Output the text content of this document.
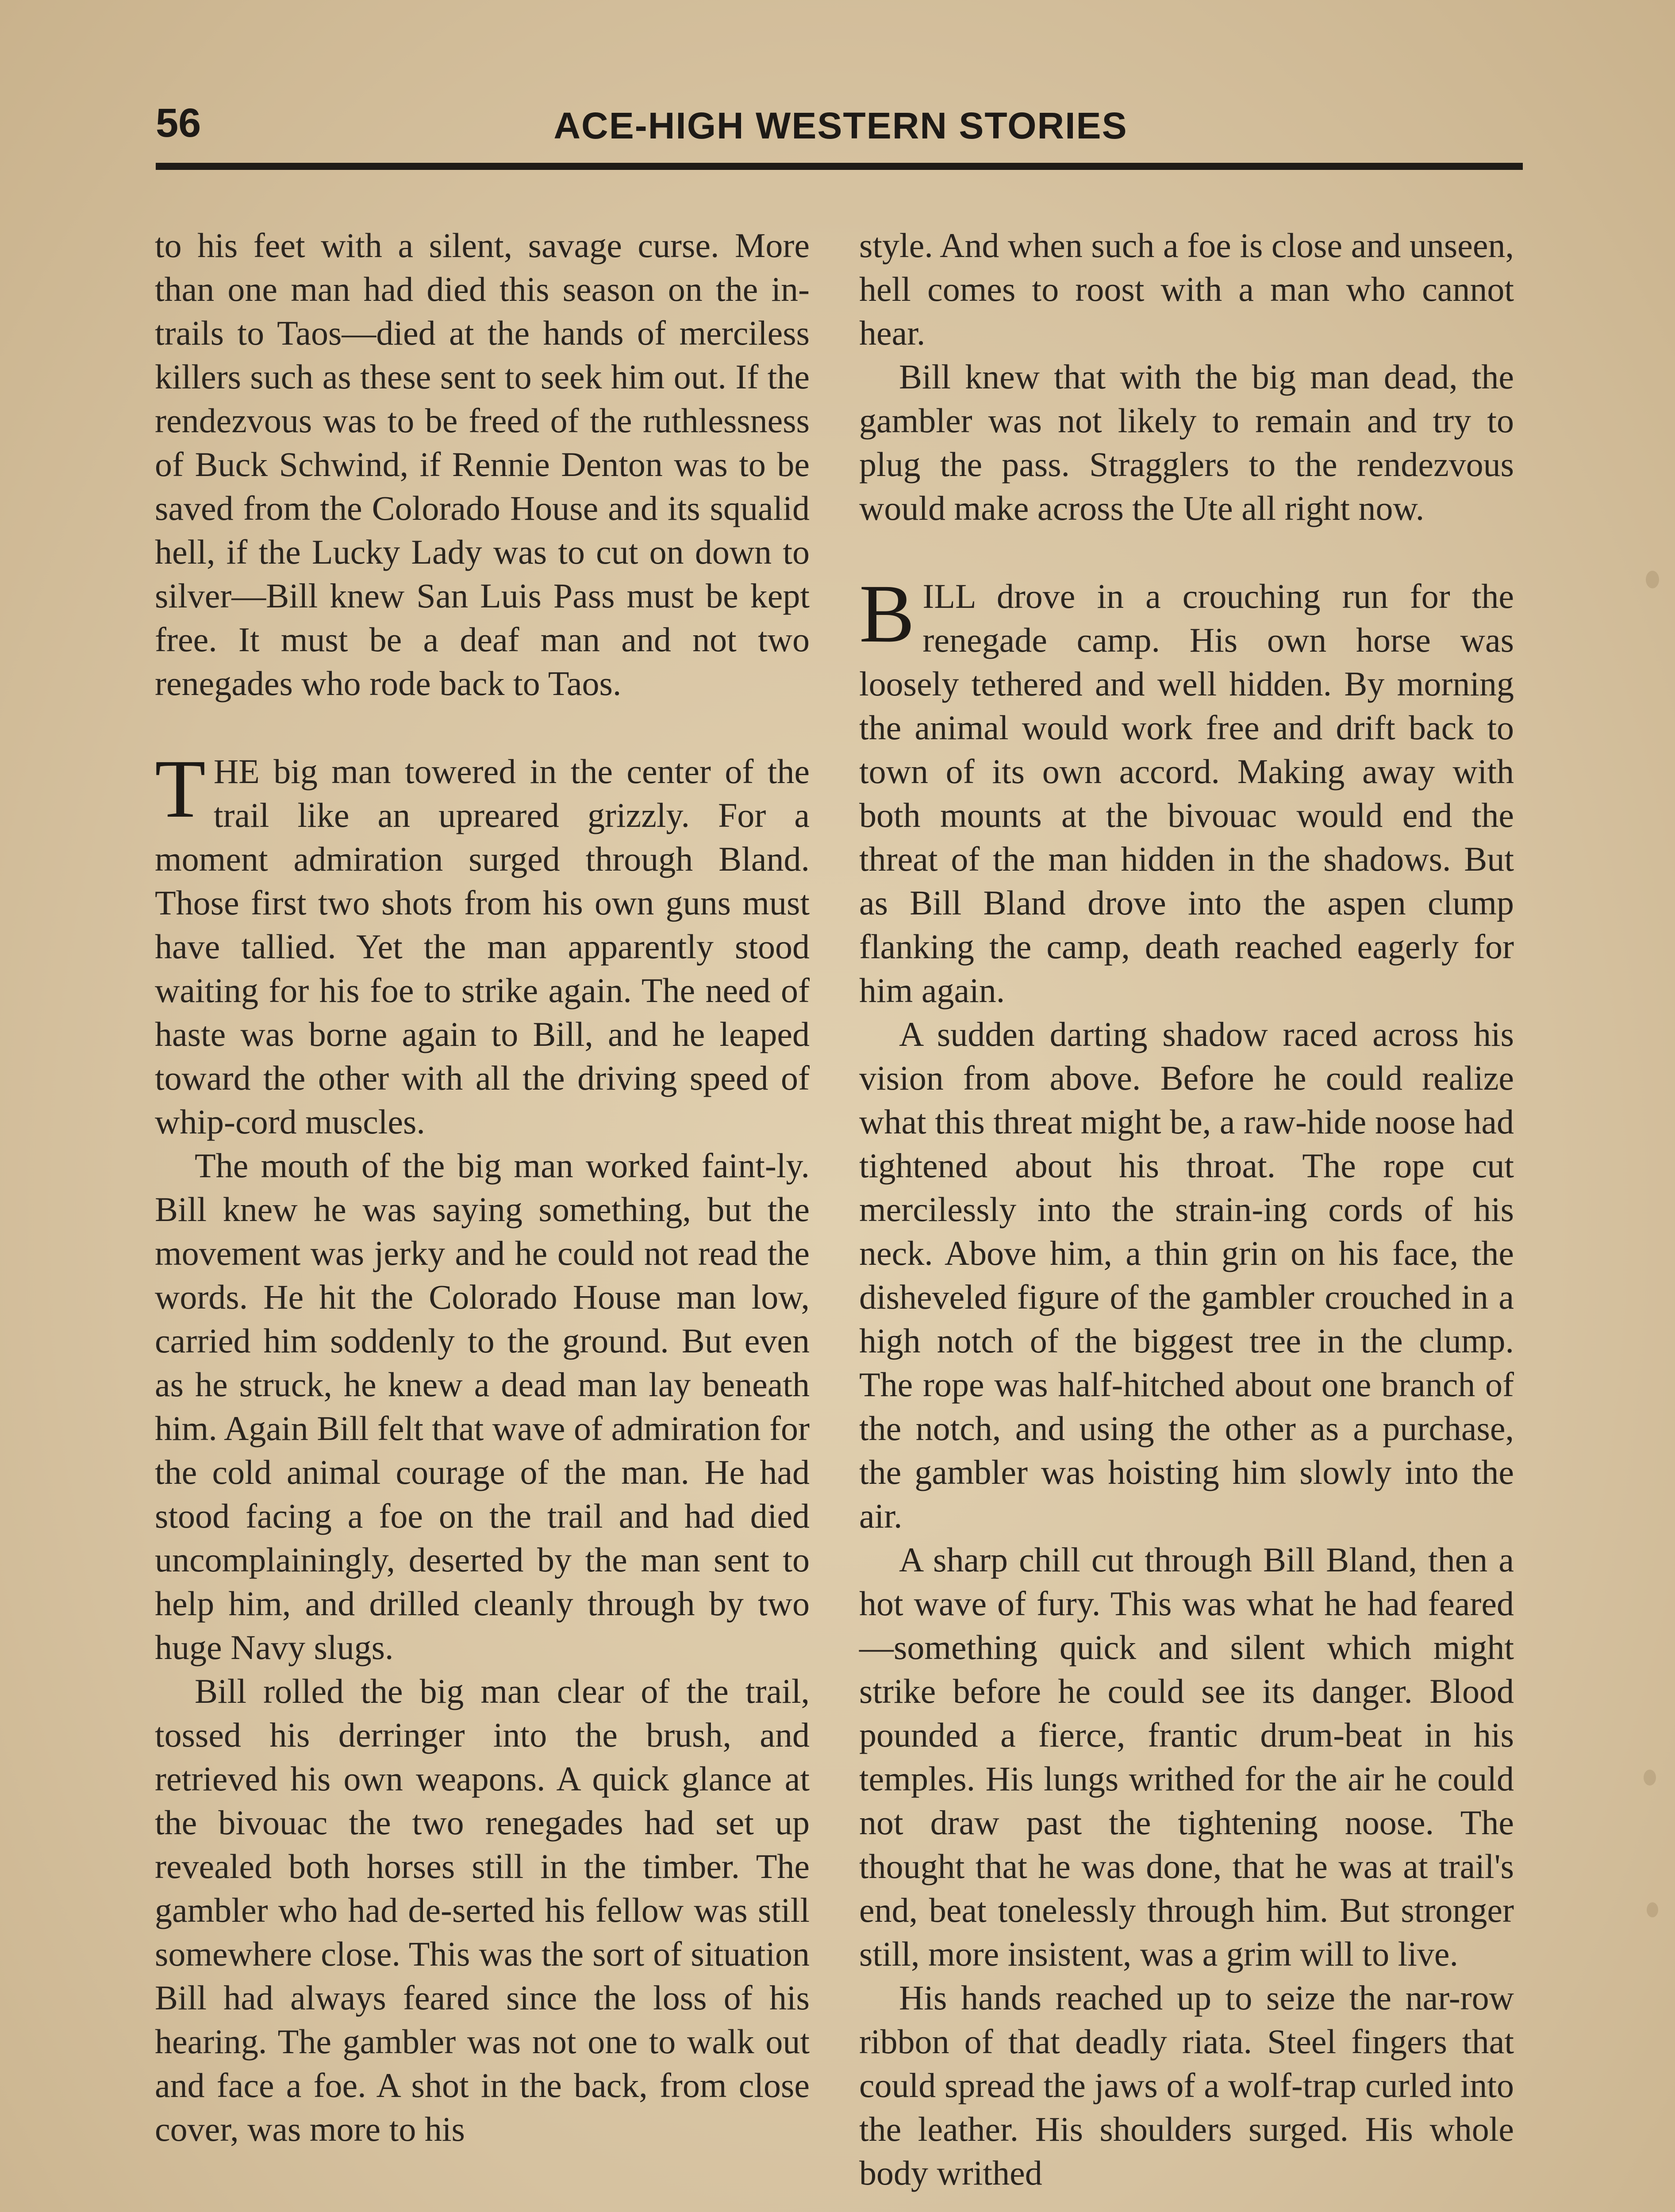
56	ACE-HIGH WESTERN STORIES

to his feet with a silent, savage curse. More than one man had died this season on the in-trails to Taos—died at the hands of merciless killers such as these sent to seek him out. If the rendezvous was to be freed of the ruthlessness of Buck Schwind, if Rennie Denton was to be saved from the Colorado House and its squalid hell, if the Lucky Lady was to cut on down to silver—Bill knew San Luis Pass must be kept free. It must be a deaf man and not two renegades who rode back to Taos.

THE big man towered in the center of the trail like an upreared grizzly. For a moment admiration surged through Bland. Those first two shots from his own guns must have tallied. Yet the man apparently stood waiting for his foe to strike again. The need of haste was borne again to Bill, and he leaped toward the other with all the driving speed of whip-cord muscles.

The mouth of the big man worked faint-ly. Bill knew he was saying something, but the movement was jerky and he could not read the words. He hit the Colorado House man low, carried him soddenly to the ground. But even as he struck, he knew a dead man lay beneath him. Again Bill felt that wave of admiration for the cold animal courage of the man. He had stood facing a foe on the trail and had died uncomplainingly, deserted by the man sent to help him, and drilled cleanly through by two huge Navy slugs.

Bill rolled the big man clear of the trail, tossed his derringer into the brush, and retrieved his own weapons. A quick glance at the bivouac the two renegades had set up revealed both horses still in the timber. The gambler who had de-serted his fellow was still somewhere close. This was the sort of situation Bill had always feared since the loss of his hearing. The gambler was not one to walk out and face a foe. A shot in the back, from close cover, was more to his

style. And when such a foe is close and unseen, hell comes to roost with a man who cannot hear.

Bill knew that with the big man dead, the gambler was not likely to remain and try to plug the pass. Stragglers to the rendezvous would make across the Ute all right now.

BILL drove in a crouching run for the renegade camp. His own horse was loosely tethered and well hidden. By morning the animal would work free and drift back to town of its own accord. Making away with both mounts at the bivouac would end the threat of the man hidden in the shadows. But as Bill Bland drove into the aspen clump flanking the camp, death reached eagerly for him again.

A sudden darting shadow raced across his vision from above. Before he could realize what this threat might be, a raw-hide noose had tightened about his throat. The rope cut mercilessly into the strain-ing cords of his neck. Above him, a thin grin on his face, the disheveled figure of the gambler crouched in a high notch of the biggest tree in the clump. The rope was half-hitched about one branch of the notch, and using the other as a purchase, the gambler was hoisting him slowly into the air.

A sharp chill cut through Bill Bland, then a hot wave of fury. This was what he had feared—something quick and silent which might strike before he could see its danger. Blood pounded a fierce, frantic drum-beat in his temples. His lungs writhed for the air he could not draw past the tightening noose. The thought that he was done, that he was at trail's end, beat tonelessly through him. But stronger still, more insistent, was a grim will to live.

His hands reached up to seize the nar-row ribbon of that deadly riata. Steel fingers that could spread the jaws of a wolf-trap curled into the leather. His shoulders surged. His whole body writhed
